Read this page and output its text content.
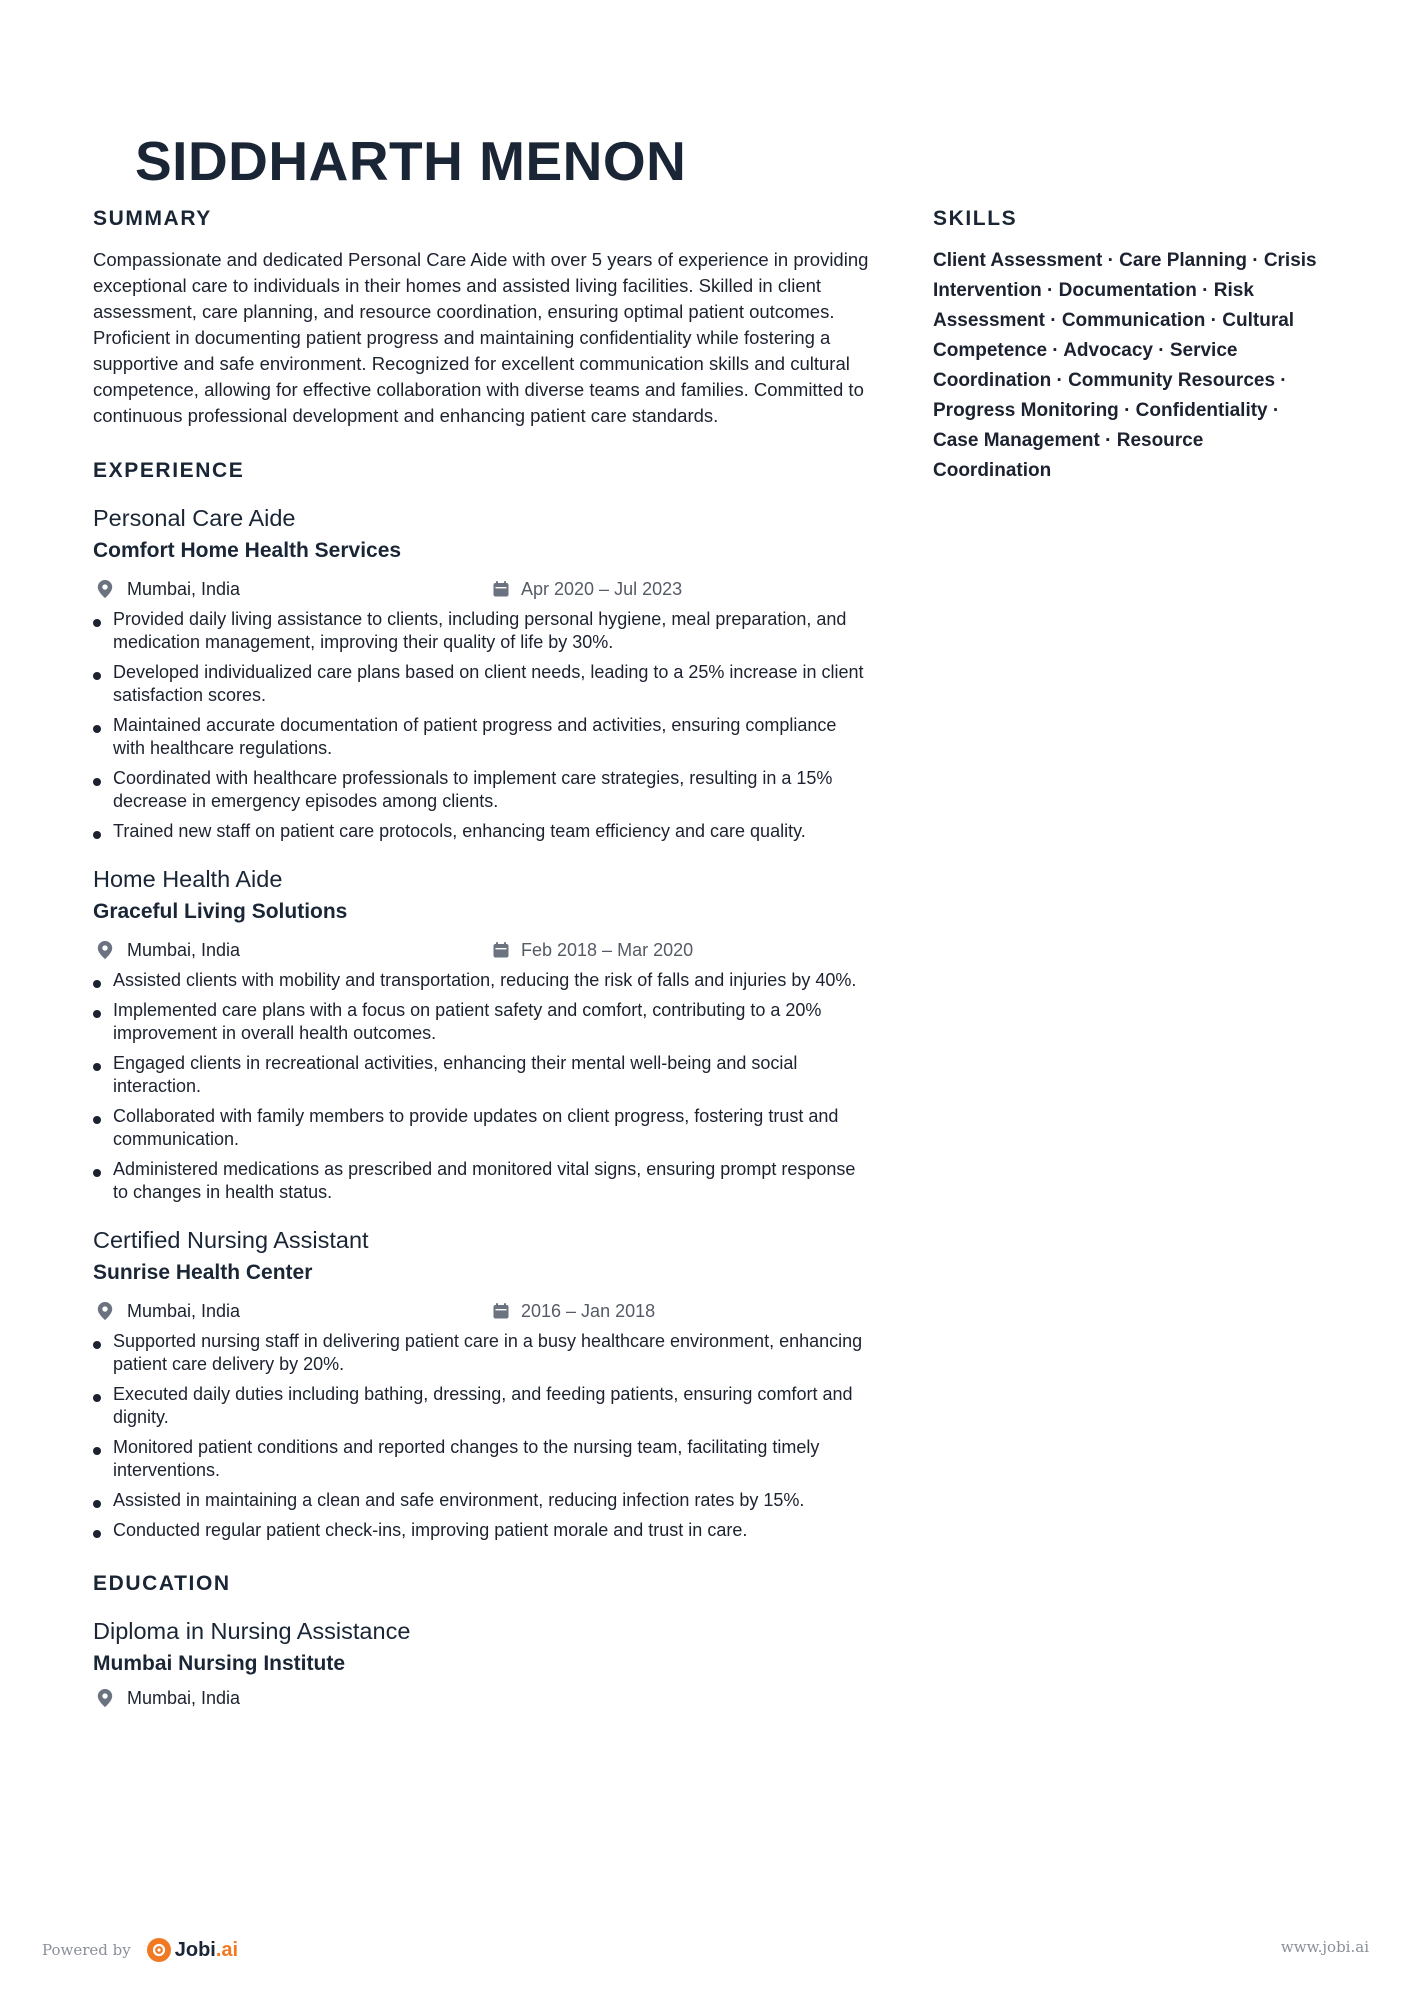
SIDDHARTH MENON
SUMMARY

Compassionate and dedicated Personal Care Aide with over 5 years of experience in providing exceptional care to individuals in their homes and assisted living facilities. Skilled in client assessment, care planning, and resource coordination, ensuring optimal patient outcomes. Proficient in documenting patient progress and maintaining confidentiality while fostering a supportive and safe environment. Recognized for excellent communication skills and cultural competence, allowing for effective collaboration with diverse teams and families. Committed to continuous professional development and enhancing patient care standards.

EXPERIENCE
Personal Care Aide
Comfort Home Health Services
Mumbai, India	Apr 2020 – Jul 2023
Provided daily living assistance to clients, including personal hygiene, meal preparation, and medication management, improving their quality of life by 30%.
Developed individualized care plans based on client needs, leading to a 25% increase in client satisfaction scores.
Maintained accurate documentation of patient progress and activities, ensuring compliance with healthcare regulations.
Coordinated with healthcare professionals to implement care strategies, resulting in a 15% decrease in emergency episodes among clients.
Trained new staff on patient care protocols, enhancing team efficiency and care quality.
Home Health Aide
Graceful Living Solutions
Mumbai, India	Feb 2018 – Mar 2020
Assisted clients with mobility and transportation, reducing the risk of falls and injuries by 40%.
Implemented care plans with a focus on patient safety and comfort, contributing to a 20% improvement in overall health outcomes.
Engaged clients in recreational activities, enhancing their mental well-being and social interaction.
Collaborated with family members to provide updates on client progress, fostering trust and communication.
Administered medications as prescribed and monitored vital signs, ensuring prompt response to changes in health status.
Certified Nursing Assistant
Sunrise Health Center
Mumbai, India	2016 – Jan 2018
Supported nursing staff in delivering patient care in a busy healthcare environment, enhancing patient care delivery by 20%.
Executed daily duties including bathing, dressing, and feeding patients, ensuring comfort and dignity.
Monitored patient conditions and reported changes to the nursing team, facilitating timely interventions.
Assisted in maintaining a clean and safe environment, reducing infection rates by 15%.
Conducted regular patient check-ins, improving patient morale and trust in care.
EDUCATION
Diploma in Nursing Assistance
Mumbai Nursing Institute
Mumbai, India
SKILLS

Client Assessment · Care Planning · Crisis Intervention · Documentation · Risk Assessment · Communication · Cultural Competence · Advocacy · Service Coordination · Community Resources · Progress Monitoring · Confidentiality · Case Management · Resource Coordination

Powered by Jobi.ai	www.jobi.ai
